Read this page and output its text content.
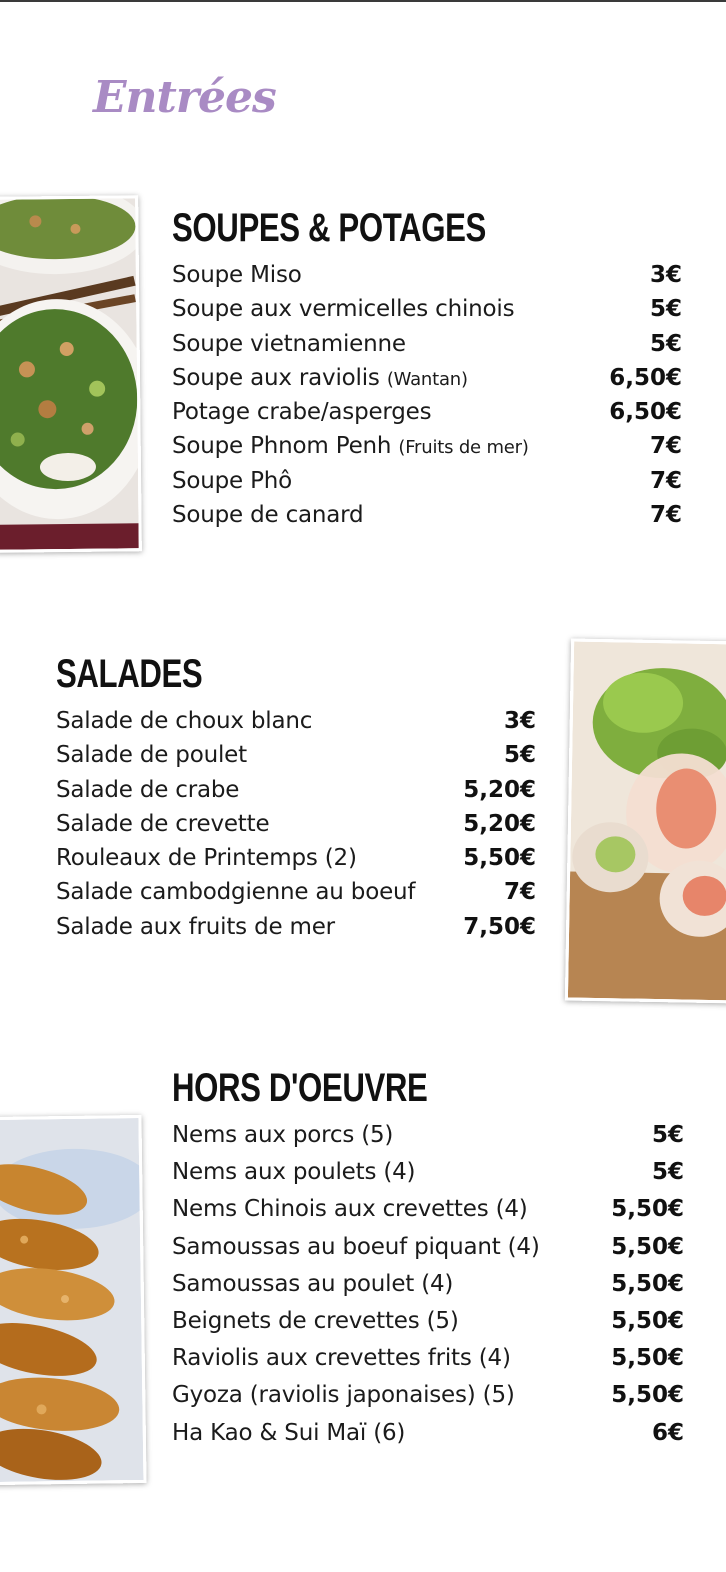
Entrées
SOUPES & POTAGES
Soupe Miso	3€
Soupe aux vermicelles chinois	5€
Soupe vietnamienne	5€
Soupe aux raviolis (Wantan)	6,50€
Potage crabe/asperges	6,50€
Soupe Phnom Penh (Fruits de mer)	7€
Soupe Phô	7€
Soupe de canard	7€
SALADES
Salade de choux blanc	3€
Salade de poulet	5€
Salade de crabe	5,20€
Salade de crevette	5,20€
Rouleaux de Printemps (2)	5,50€
Salade cambodgienne au boeuf	7€
Salade aux fruits de mer	7,50€
HORS D'OEUVRE
Nems aux porcs (5)	5€
Nems aux poulets (4)	5€
Nems Chinois aux crevettes (4)	5,50€
Samoussas au boeuf piquant (4)	5,50€
Samoussas au poulet (4)	5,50€
Beignets de crevettes (5)	5,50€
Raviolis aux crevettes frits (4)	5,50€
Gyoza (raviolis japonaises) (5)	5,50€
Ha Kao & Sui Maï (6)	6€
